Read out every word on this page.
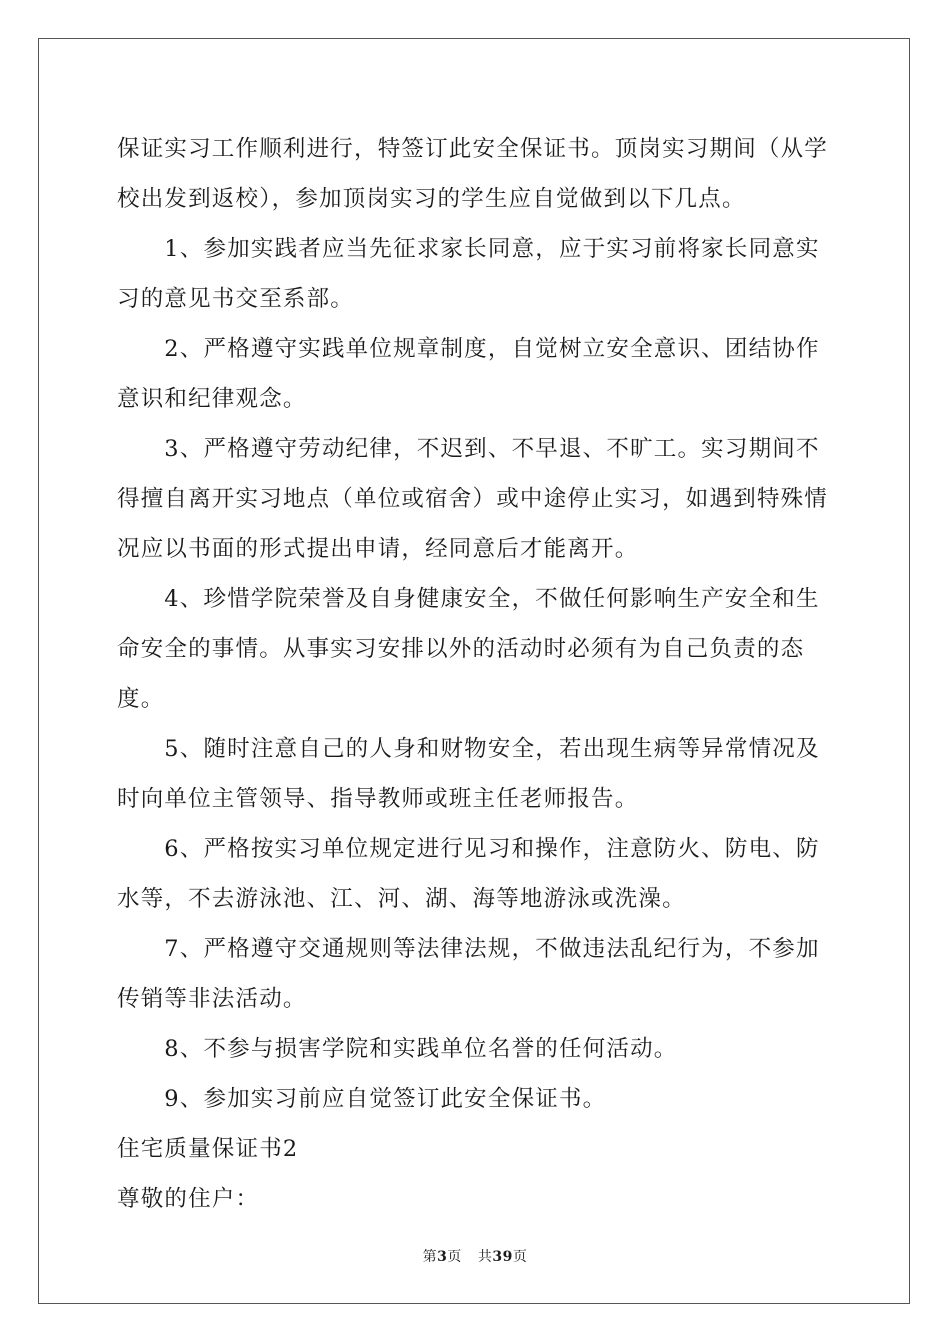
保证实习工作顺利进行，特签订此安全保证书。顶岗实习期间（从学校出发到返校），参加顶岗实习的学生应自觉做到以下几点。

1、参加实践者应当先征求家长同意，应于实习前将家长同意实习的意见书交至系部。

2、严格遵守实践单位规章制度，自觉树立安全意识、团结协作意识和纪律观念。

3、严格遵守劳动纪律，不迟到、不早退、不旷工。实习期间不得擅自离开实习地点（单位或宿舍）或中途停止实习，如遇到特殊情况应以书面的形式提出申请，经同意后才能离开。

4、珍惜学院荣誉及自身健康安全，不做任何影响生产安全和生命安全的事情。从事实习安排以外的活动时必须有为自己负责的态度。

5、随时注意自己的人身和财物安全，若出现生病等异常情况及时向单位主管领导、指导教师或班主任老师报告。

6、严格按实习单位规定进行见习和操作，注意防火、防电、防水等，不去游泳池、江、河、湖、海等地游泳或洗澡。

7、严格遵守交通规则等法律法规，不做违法乱纪行为，不参加传销等非法活动。

8、不参与损害学院和实践单位名誉的任何活动。

9、参加实习前应自觉签订此安全保证书。

住宅质量保证书2

尊敬的住户：

第3页 共39页
